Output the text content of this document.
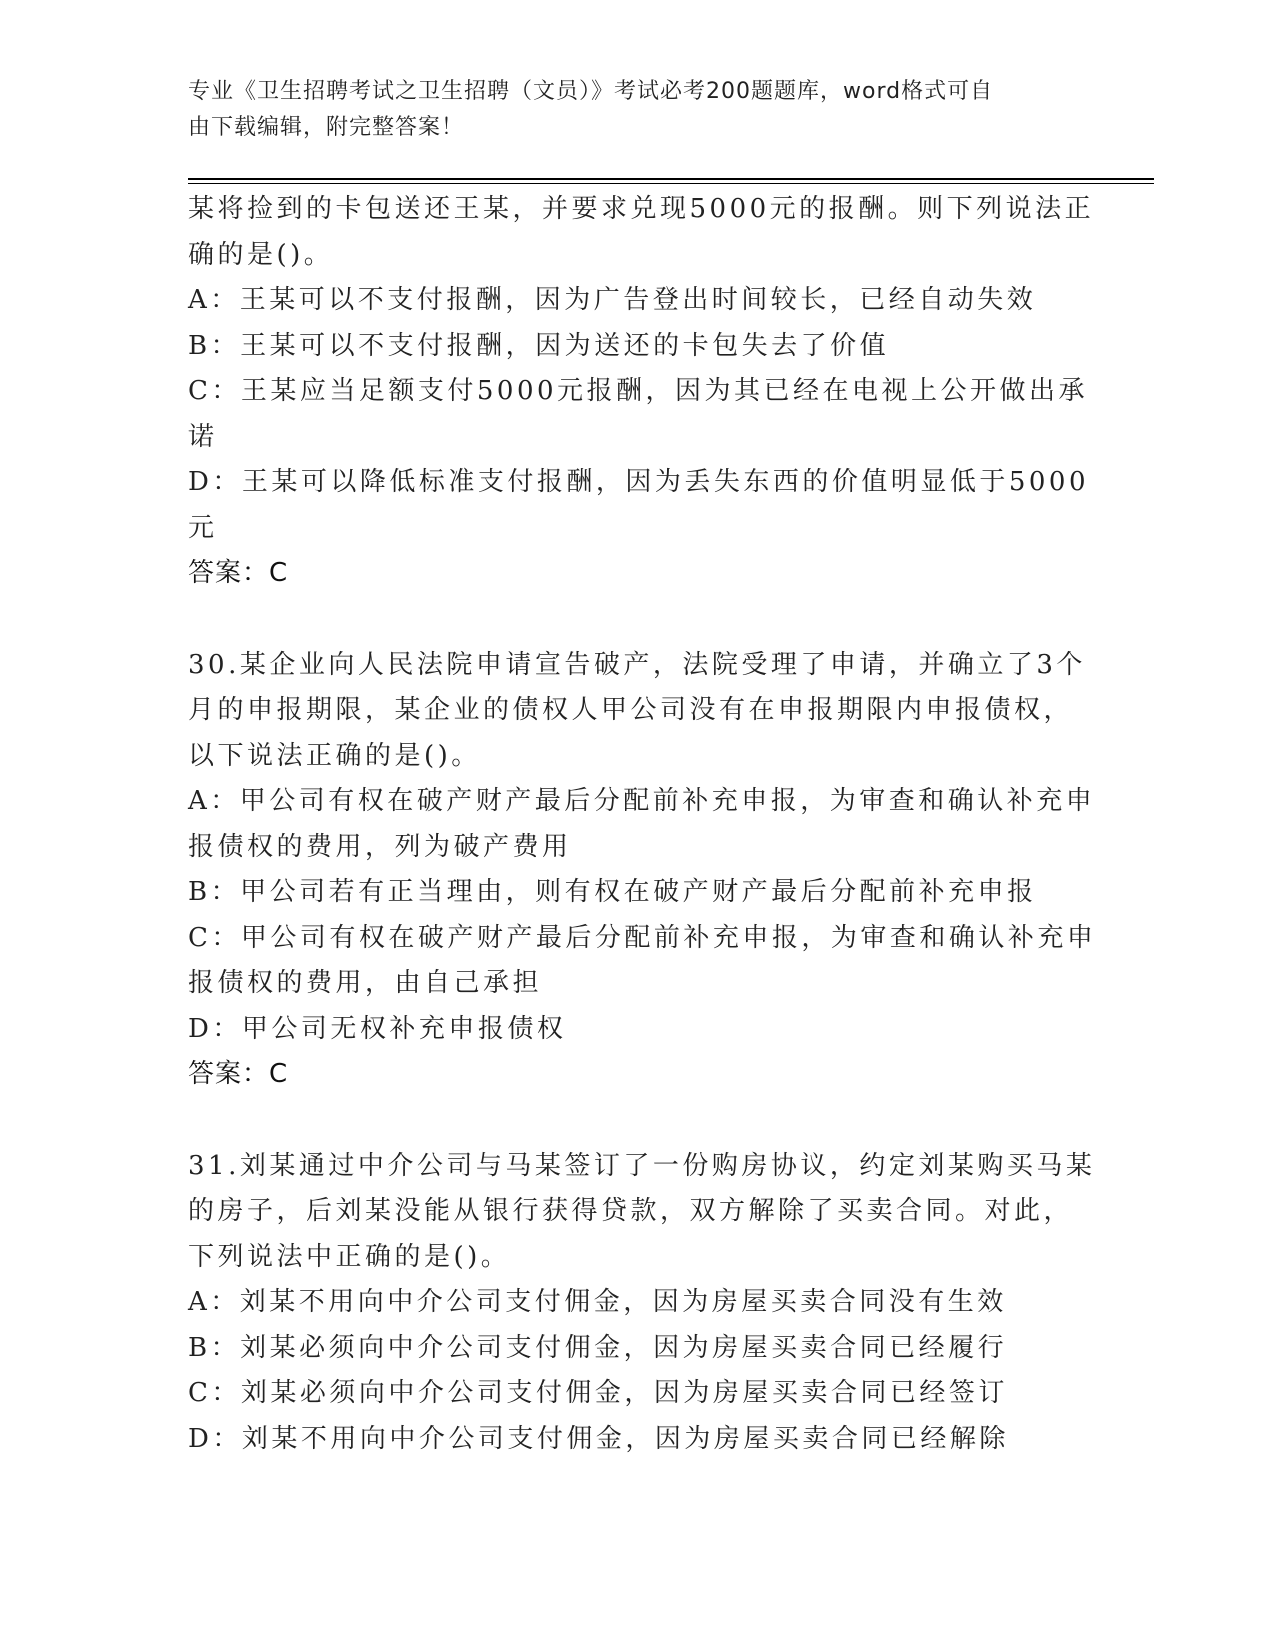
专业《卫生招聘考试之卫生招聘（文员）》考试必考200题题库，word格式可自
由下载编辑，附完整答案！
某将捡到的卡包送还王某，并要求兑现5000元的报酬。则下列说法正
确的是()。
A：王某可以不支付报酬，因为广告登出时间较长，已经自动失效
B：王某可以不支付报酬，因为送还的卡包失去了价值
C：王某应当足额支付5000元报酬，因为其已经在电视上公开做出承
诺
D：王某可以降低标准支付报酬，因为丢失东西的价值明显低于5000
元
答案：C
30.某企业向人民法院申请宣告破产，法院受理了申请，并确立了3个
月的申报期限，某企业的债权人甲公司没有在申报期限内申报债权，
以下说法正确的是()。
A：甲公司有权在破产财产最后分配前补充申报，为审查和确认补充申
报债权的费用，列为破产费用
B：甲公司若有正当理由，则有权在破产财产最后分配前补充申报
C：甲公司有权在破产财产最后分配前补充申报，为审查和确认补充申
报债权的费用，由自己承担
D：甲公司无权补充申报债权
答案：C
31.刘某通过中介公司与马某签订了一份购房协议，约定刘某购买马某
的房子，后刘某没能从银行获得贷款，双方解除了买卖合同。对此，
下列说法中正确的是()。
A：刘某不用向中介公司支付佣金，因为房屋买卖合同没有生效
B：刘某必须向中介公司支付佣金，因为房屋买卖合同已经履行
C：刘某必须向中介公司支付佣金，因为房屋买卖合同已经签订
D：刘某不用向中介公司支付佣金，因为房屋买卖合同已经解除
